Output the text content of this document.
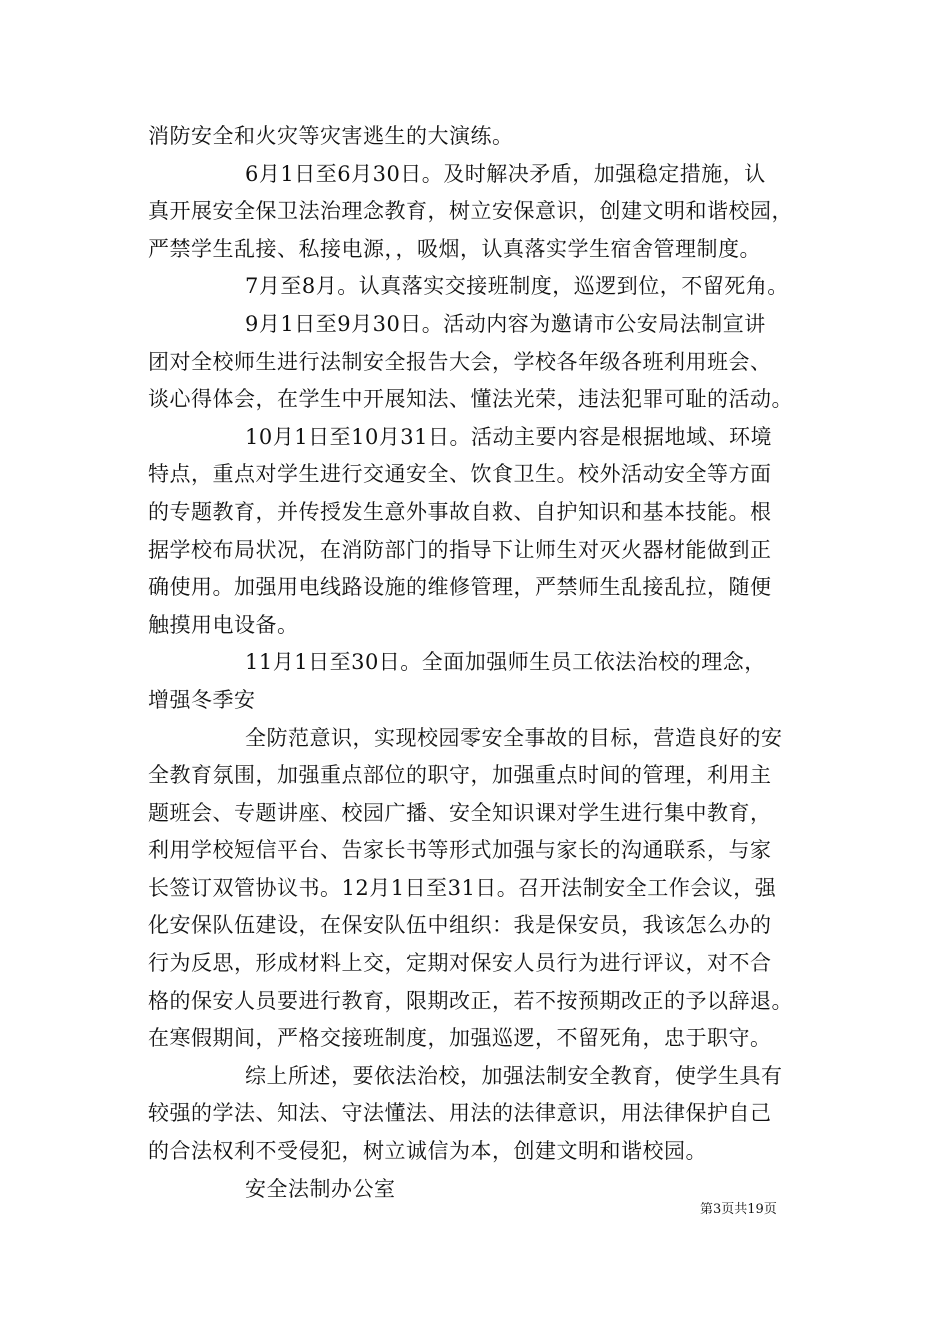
消防安全和火灾等灾害逃生的大演练。
6月1日至6月30日。及时解决矛盾，加强稳定措施，认
真开展安全保卫法治理念教育，树立安保意识，创建文明和谐校园，
严禁学生乱接、私接电源，，吸烟，认真落实学生宿舍管理制度。
7月至8月。认真落实交接班制度，巡逻到位，不留死角。
9月1日至9月30日。活动内容为邀请市公安局法制宣讲
团对全校师生进行法制安全报告大会，学校各年级各班利用班会、
谈心得体会，在学生中开展知法、懂法光荣，违法犯罪可耻的活动。
10月1日至10月31日。活动主要内容是根据地域、环境
特点，重点对学生进行交通安全、饮食卫生。校外活动安全等方面
的专题教育，并传授发生意外事故自救、自护知识和基本技能。根
据学校布局状况，在消防部门的指导下让师生对灭火器材能做到正
确使用。加强用电线路设施的维修管理，严禁师生乱接乱拉，随便
触摸用电设备。
11月1日至30日。全面加强师生员工依法治校的理念，
增强冬季安
全防范意识，实现校园零安全事故的目标，营造良好的安
全教育氛围，加强重点部位的职守，加强重点时间的管理，利用主
题班会、专题讲座、校园广播、安全知识课对学生进行集中教育，
利用学校短信平台、告家长书等形式加强与家长的沟通联系，与家
长签订双管协议书。12月1日至31日。召开法制安全工作会议，强
化安保队伍建设，在保安队伍中组织：我是保安员，我该怎么办的
行为反思，形成材料上交，定期对保安人员行为进行评议，对不合
格的保安人员要进行教育，限期改正，若不按预期改正的予以辞退。
在寒假期间，严格交接班制度，加强巡逻，不留死角，忠于职守。
综上所述，要依法治校，加强法制安全教育，使学生具有
较强的学法、知法、守法懂法、用法的法律意识，用法律保护自己
的合法权利不受侵犯，树立诚信为本，创建文明和谐校园。
安全法制办公室
第3页共19页
